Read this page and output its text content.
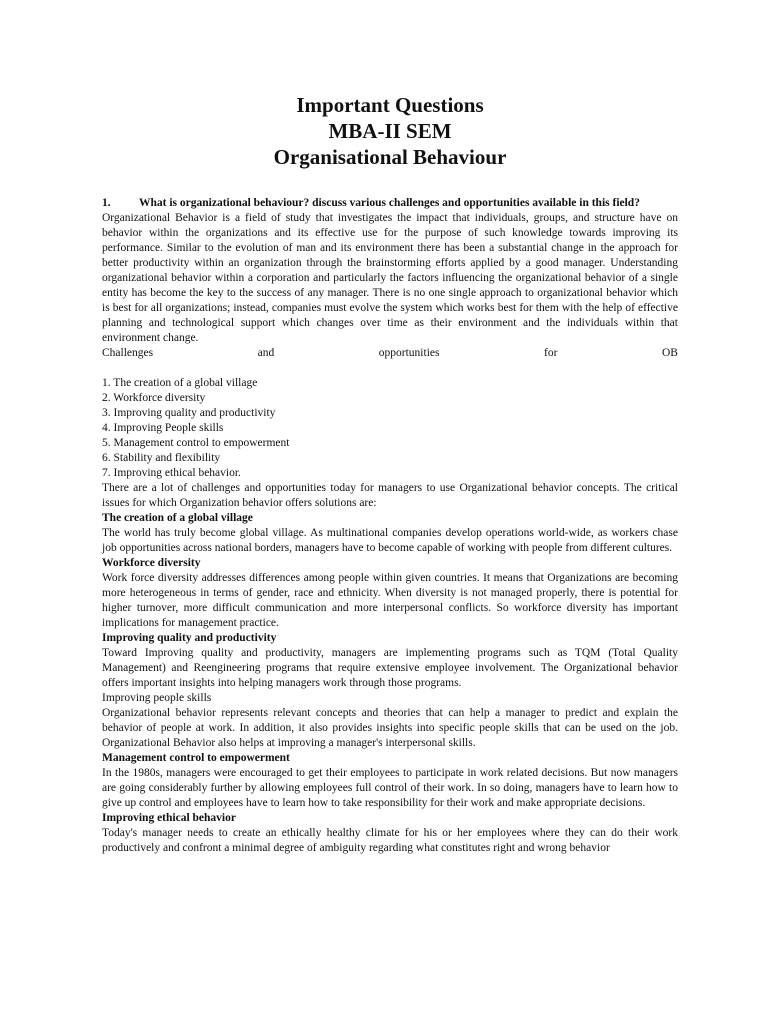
Important Questions
MBA-II SEM
Organisational Behaviour
1. What is organizational behaviour? discuss various challenges and opportunities available in this field?

Organizational Behavior is a field of study that investigates the impact that individuals, groups, and structure have on behavior within the organizations and its effective use for the purpose of such knowledge towards improving its performance. Similar to the evolution of man and its environment there has been a substantial change in the approach for better productivity within an organization through the brainstorming efforts applied by a good manager. Understanding organizational behavior within a corporation and particularly the factors influencing the organizational behavior of a single entity has become the key to the success of any manager. There is no one single approach to organizational behavior which is best for all organizations; instead, companies must evolve the system which works best for them with the help of effective planning and technological support which changes over time as their environment and the individuals within that environment change.

Challenges	and	opportunities	for	OB
1. The creation of a global village
2. Workforce diversity
3. Improving quality and productivity
4. Improving People skills
5. Management control to empowerment
6. Stability and flexibility
7. Improving ethical behavior.

There are a lot of challenges and opportunities today for managers to use Organizational behavior concepts. The critical issues for which Organization behavior offers solutions are:

The creation of a global village

The world has truly become global village. As multinational companies develop operations world-wide, as workers chase job opportunities across national borders, managers have to become capable of working with people from different cultures.

Workforce diversity

Work force diversity addresses differences among people within given countries. It means that Organizations are becoming more heterogeneous in terms of gender, race and ethnicity. When diversity is not managed properly, there is potential for higher turnover, more difficult communication and more interpersonal conflicts. So workforce diversity has important implications for management practice.

Improving quality and productivity

Toward Improving quality and productivity, managers are implementing programs such as TQM (Total Quality Management) and Reengineering programs that require extensive employee involvement. The Organizational behavior offers important insights into helping managers work through those programs.

Improving people skills

Organizational behavior represents relevant concepts and theories that can help a manager to predict and explain the behavior of people at work. In addition, it also provides insights into specific people skills that can be used on the job. Organizational Behavior also helps at improving a manager's interpersonal skills.

Management control to empowerment

In the 1980s, managers were encouraged to get their employees to participate in work related decisions. But now managers are going considerably further by allowing employees full control of their work. In so doing, managers have to learn how to give up control and employees have to learn how to take responsibility for their work and make appropriate decisions.

Improving ethical behavior

Today's manager needs to create an ethically healthy climate for his or her employees where they can do their work productively and confront a minimal degree of ambiguity regarding what constitutes right and wrong behavior
